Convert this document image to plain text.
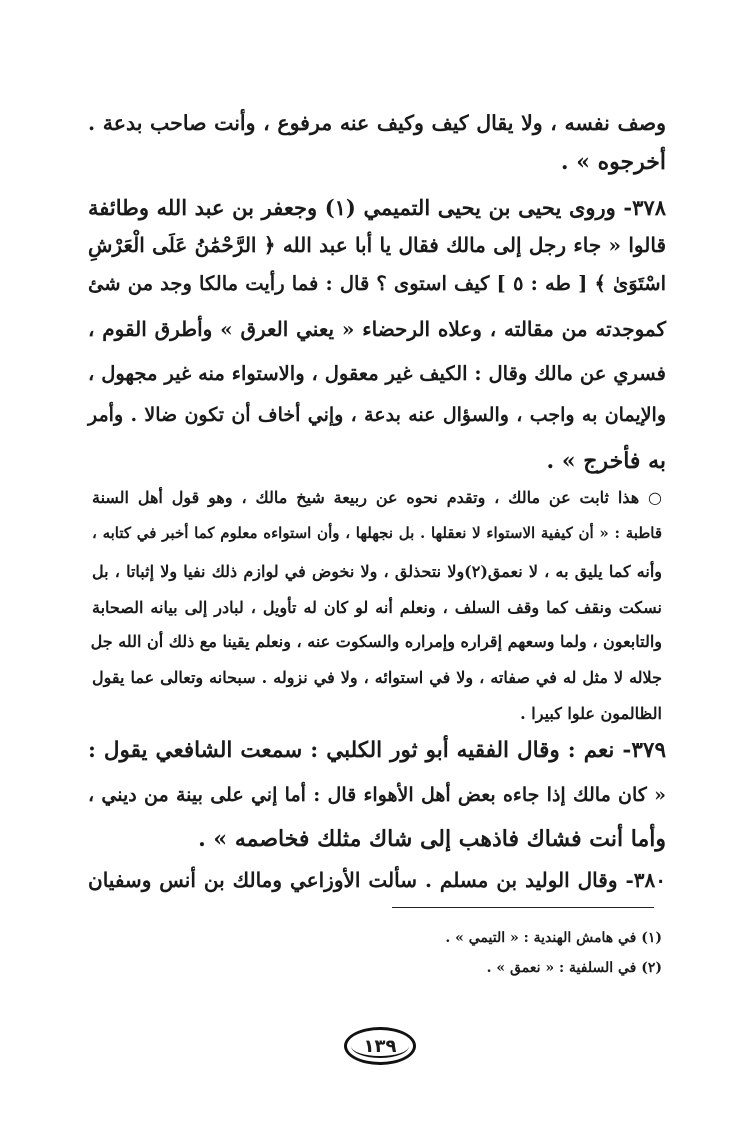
وصف نفسه ، ولا يقال كيف وكيف عنه مرفوع ، وأنت صاحب بدعة .
أخرجوه » .
٣٧٨- وروى يحيى بن يحيى التميمي (١) وجعفر بن عبد الله وطائفة
قالوا « جاء رجل إلى مالك فقال يا أبا عبد الله ﴿ الرَّحْمَٰنُ عَلَى الْعَرْشِ
اسْتَوَىٰ ﴾ [ طه : ٥ ] كيف استوى ؟ قال : فما رأيت مالكا وجد من شئ
كموجدته من مقالته ، وعلاه الرحضاء « يعني العرق » وأطرق القوم ،
فسري عن مالك وقال : الكيف غير معقول ، والاستواء منه غير مجهول ،
والإيمان به واجب ، والسؤال عنه بدعة ، وإني أخاف أن تكون ضالا . وأمر
به فأخرج » .
○ هذا ثابت عن مالك ، وتقدم نحوه عن ربيعة شيخ مالك ، وهو قول أهل السنة
قاطبة : « أن كيفية الاستواء لا نعقلها . بل نجهلها ، وأن استواءه معلوم كما أخبر في كتابه ،
وأنه كما يليق به ، لا نعمق(٢)ولا نتحذلق ، ولا نخوض في لوازم ذلك نفيا ولا إثباتا ، بل
نسكت ونقف كما وقف السلف ، ونعلم أنه لو كان له تأويل ، لبادر إلى بيانه الصحابة
والتابعون ، ولما وسعهم إقراره وإمراره والسكوت عنه ، ونعلم يقينا مع ذلك أن الله جل
جلاله لا مثل له في صفاته ، ولا في استوائه ، ولا في نزوله . سبحانه وتعالى عما يقول
الظالمون علوا كبيرا .
٣٧٩- نعم : وقال الفقيه أبو ثور الكلبي : سمعت الشافعي يقول :
« كان مالك إذا جاءه بعض أهل الأهواء قال : أما إني على بينة من ديني ،
وأما أنت فشاك فاذهب إلى شاك مثلك فخاصمه » .
٣٨٠- وقال الوليد بن مسلم . سألت الأوزاعي ومالك بن أنس وسفيان
(١) في هامش الهندية : « التيمي » .
(٢) في السلفية : « نعمق » .
١٣٩
